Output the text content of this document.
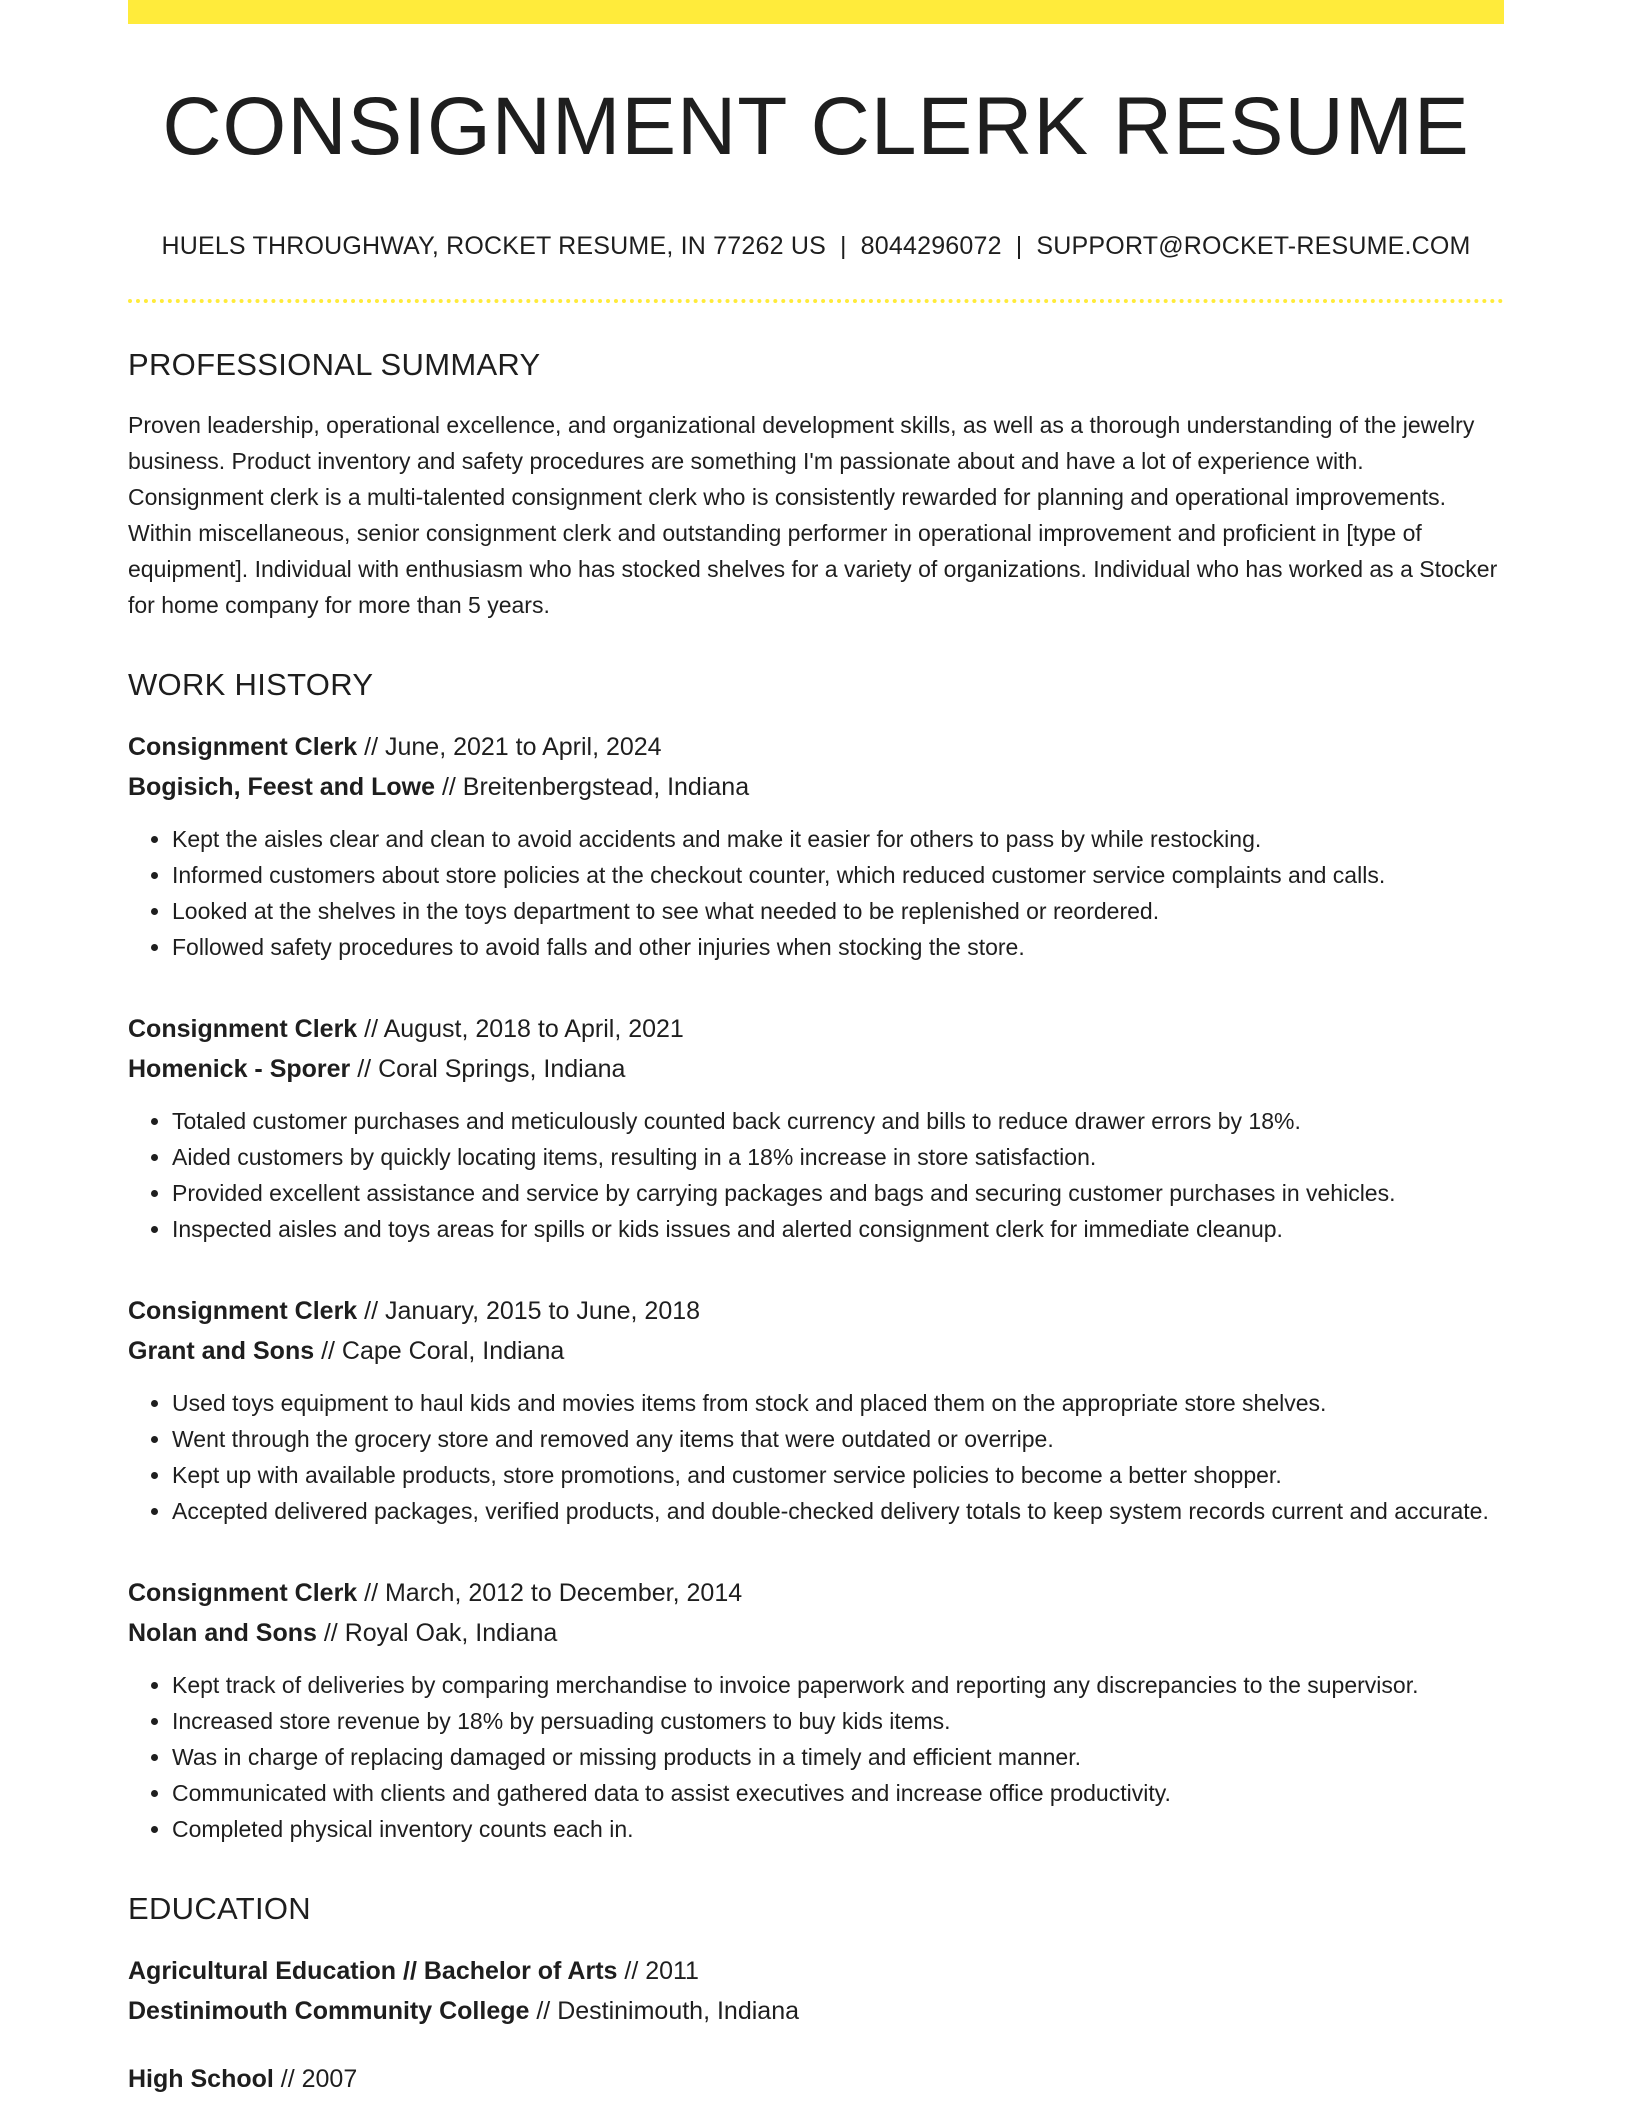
CONSIGNMENT CLERK RESUME
HUELS THROUGHWAY, ROCKET RESUME, IN 77262 US | 8044296072 | SUPPORT@ROCKET-RESUME.COM
PROFESSIONAL SUMMARY
Proven leadership, operational excellence, and organizational development skills, as well as a thorough understanding of the jewelry business. Product inventory and safety procedures are something I'm passionate about and have a lot of experience with. Consignment clerk is a multi-talented consignment clerk who is consistently rewarded for planning and operational improvements. Within miscellaneous, senior consignment clerk and outstanding performer in operational improvement and proficient in [type of equipment]. Individual with enthusiasm who has stocked shelves for a variety of organizations. Individual who has worked as a Stocker for home company for more than 5 years.
WORK HISTORY
Consignment Clerk // June, 2021 to April, 2024
Bogisich, Feest and Lowe // Breitenbergstead, Indiana
• Kept the aisles clear and clean to avoid accidents and make it easier for others to pass by while restocking.
• Informed customers about store policies at the checkout counter, which reduced customer service complaints and calls.
• Looked at the shelves in the toys department to see what needed to be replenished or reordered.
• Followed safety procedures to avoid falls and other injuries when stocking the store.
Consignment Clerk // August, 2018 to April, 2021
Homenick - Sporer // Coral Springs, Indiana
• Totaled customer purchases and meticulously counted back currency and bills to reduce drawer errors by 18%.
• Aided customers by quickly locating items, resulting in a 18% increase in store satisfaction.
• Provided excellent assistance and service by carrying packages and bags and securing customer purchases in vehicles.
• Inspected aisles and toys areas for spills or kids issues and alerted consignment clerk for immediate cleanup.
Consignment Clerk // January, 2015 to June, 2018
Grant and Sons // Cape Coral, Indiana
• Used toys equipment to haul kids and movies items from stock and placed them on the appropriate store shelves.
• Went through the grocery store and removed any items that were outdated or overripe.
• Kept up with available products, store promotions, and customer service policies to become a better shopper.
• Accepted delivered packages, verified products, and double-checked delivery totals to keep system records current and accurate.
Consignment Clerk // March, 2012 to December, 2014
Nolan and Sons // Royal Oak, Indiana
• Kept track of deliveries by comparing merchandise to invoice paperwork and reporting any discrepancies to the supervisor.
• Increased store revenue by 18% by persuading customers to buy kids items.
• Was in charge of replacing damaged or missing products in a timely and efficient manner.
• Communicated with clients and gathered data to assist executives and increase office productivity.
• Completed physical inventory counts each in.
EDUCATION
Agricultural Education // Bachelor of Arts // 2011
Destinimouth Community College // Destinimouth, Indiana
High School // 2007
